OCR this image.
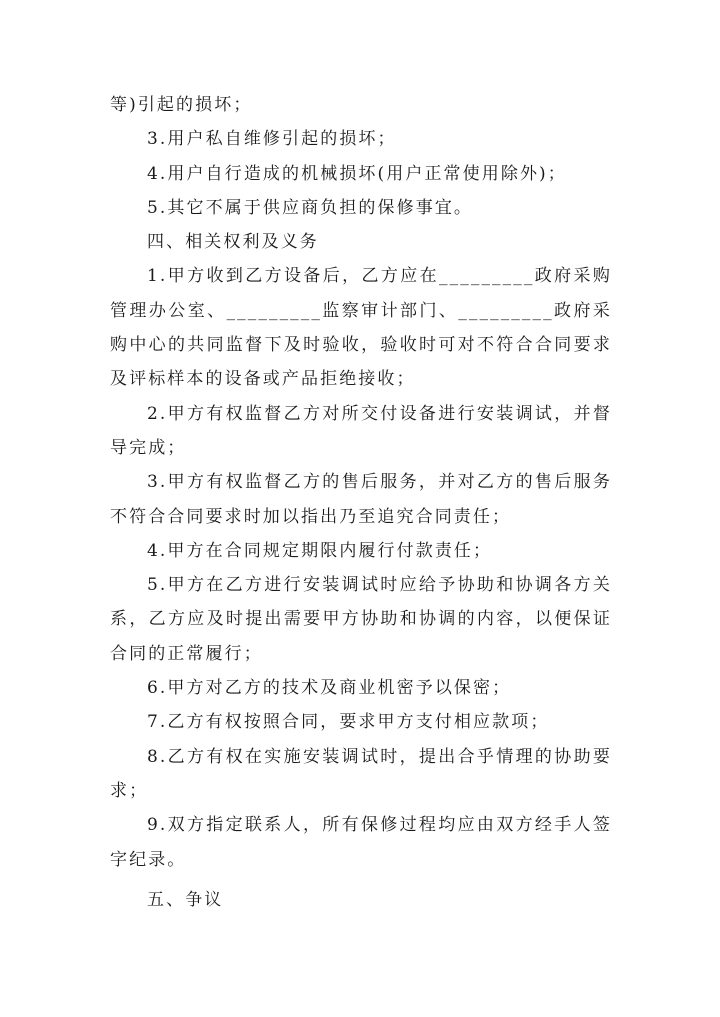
等)引起的损坏；

3.用户私自维修引起的损坏；

4.用户自行造成的机械损坏(用户正常使用除外)；

5.其它不属于供应商负担的保修事宜。

四、相关权利及义务

1.甲方收到乙方设备后，乙方应在_________政府采购管理办公室、_________监察审计部门、_________政府采购中心的共同监督下及时验收，验收时可对不符合合同要求及评标样本的设备或产品拒绝接收；

2.甲方有权监督乙方对所交付设备进行安装调试，并督导完成；

3.甲方有权监督乙方的售后服务，并对乙方的售后服务不符合合同要求时加以指出乃至追究合同责任；

4.甲方在合同规定期限内履行付款责任；

5.甲方在乙方进行安装调试时应给予协助和协调各方关系，乙方应及时提出需要甲方协助和协调的内容，以便保证合同的正常履行；

6.甲方对乙方的技术及商业机密予以保密；

7.乙方有权按照合同，要求甲方支付相应款项；

8.乙方有权在实施安装调试时，提出合乎情理的协助要求；

9.双方指定联系人，所有保修过程均应由双方经手人签字纪录。

五、争议
